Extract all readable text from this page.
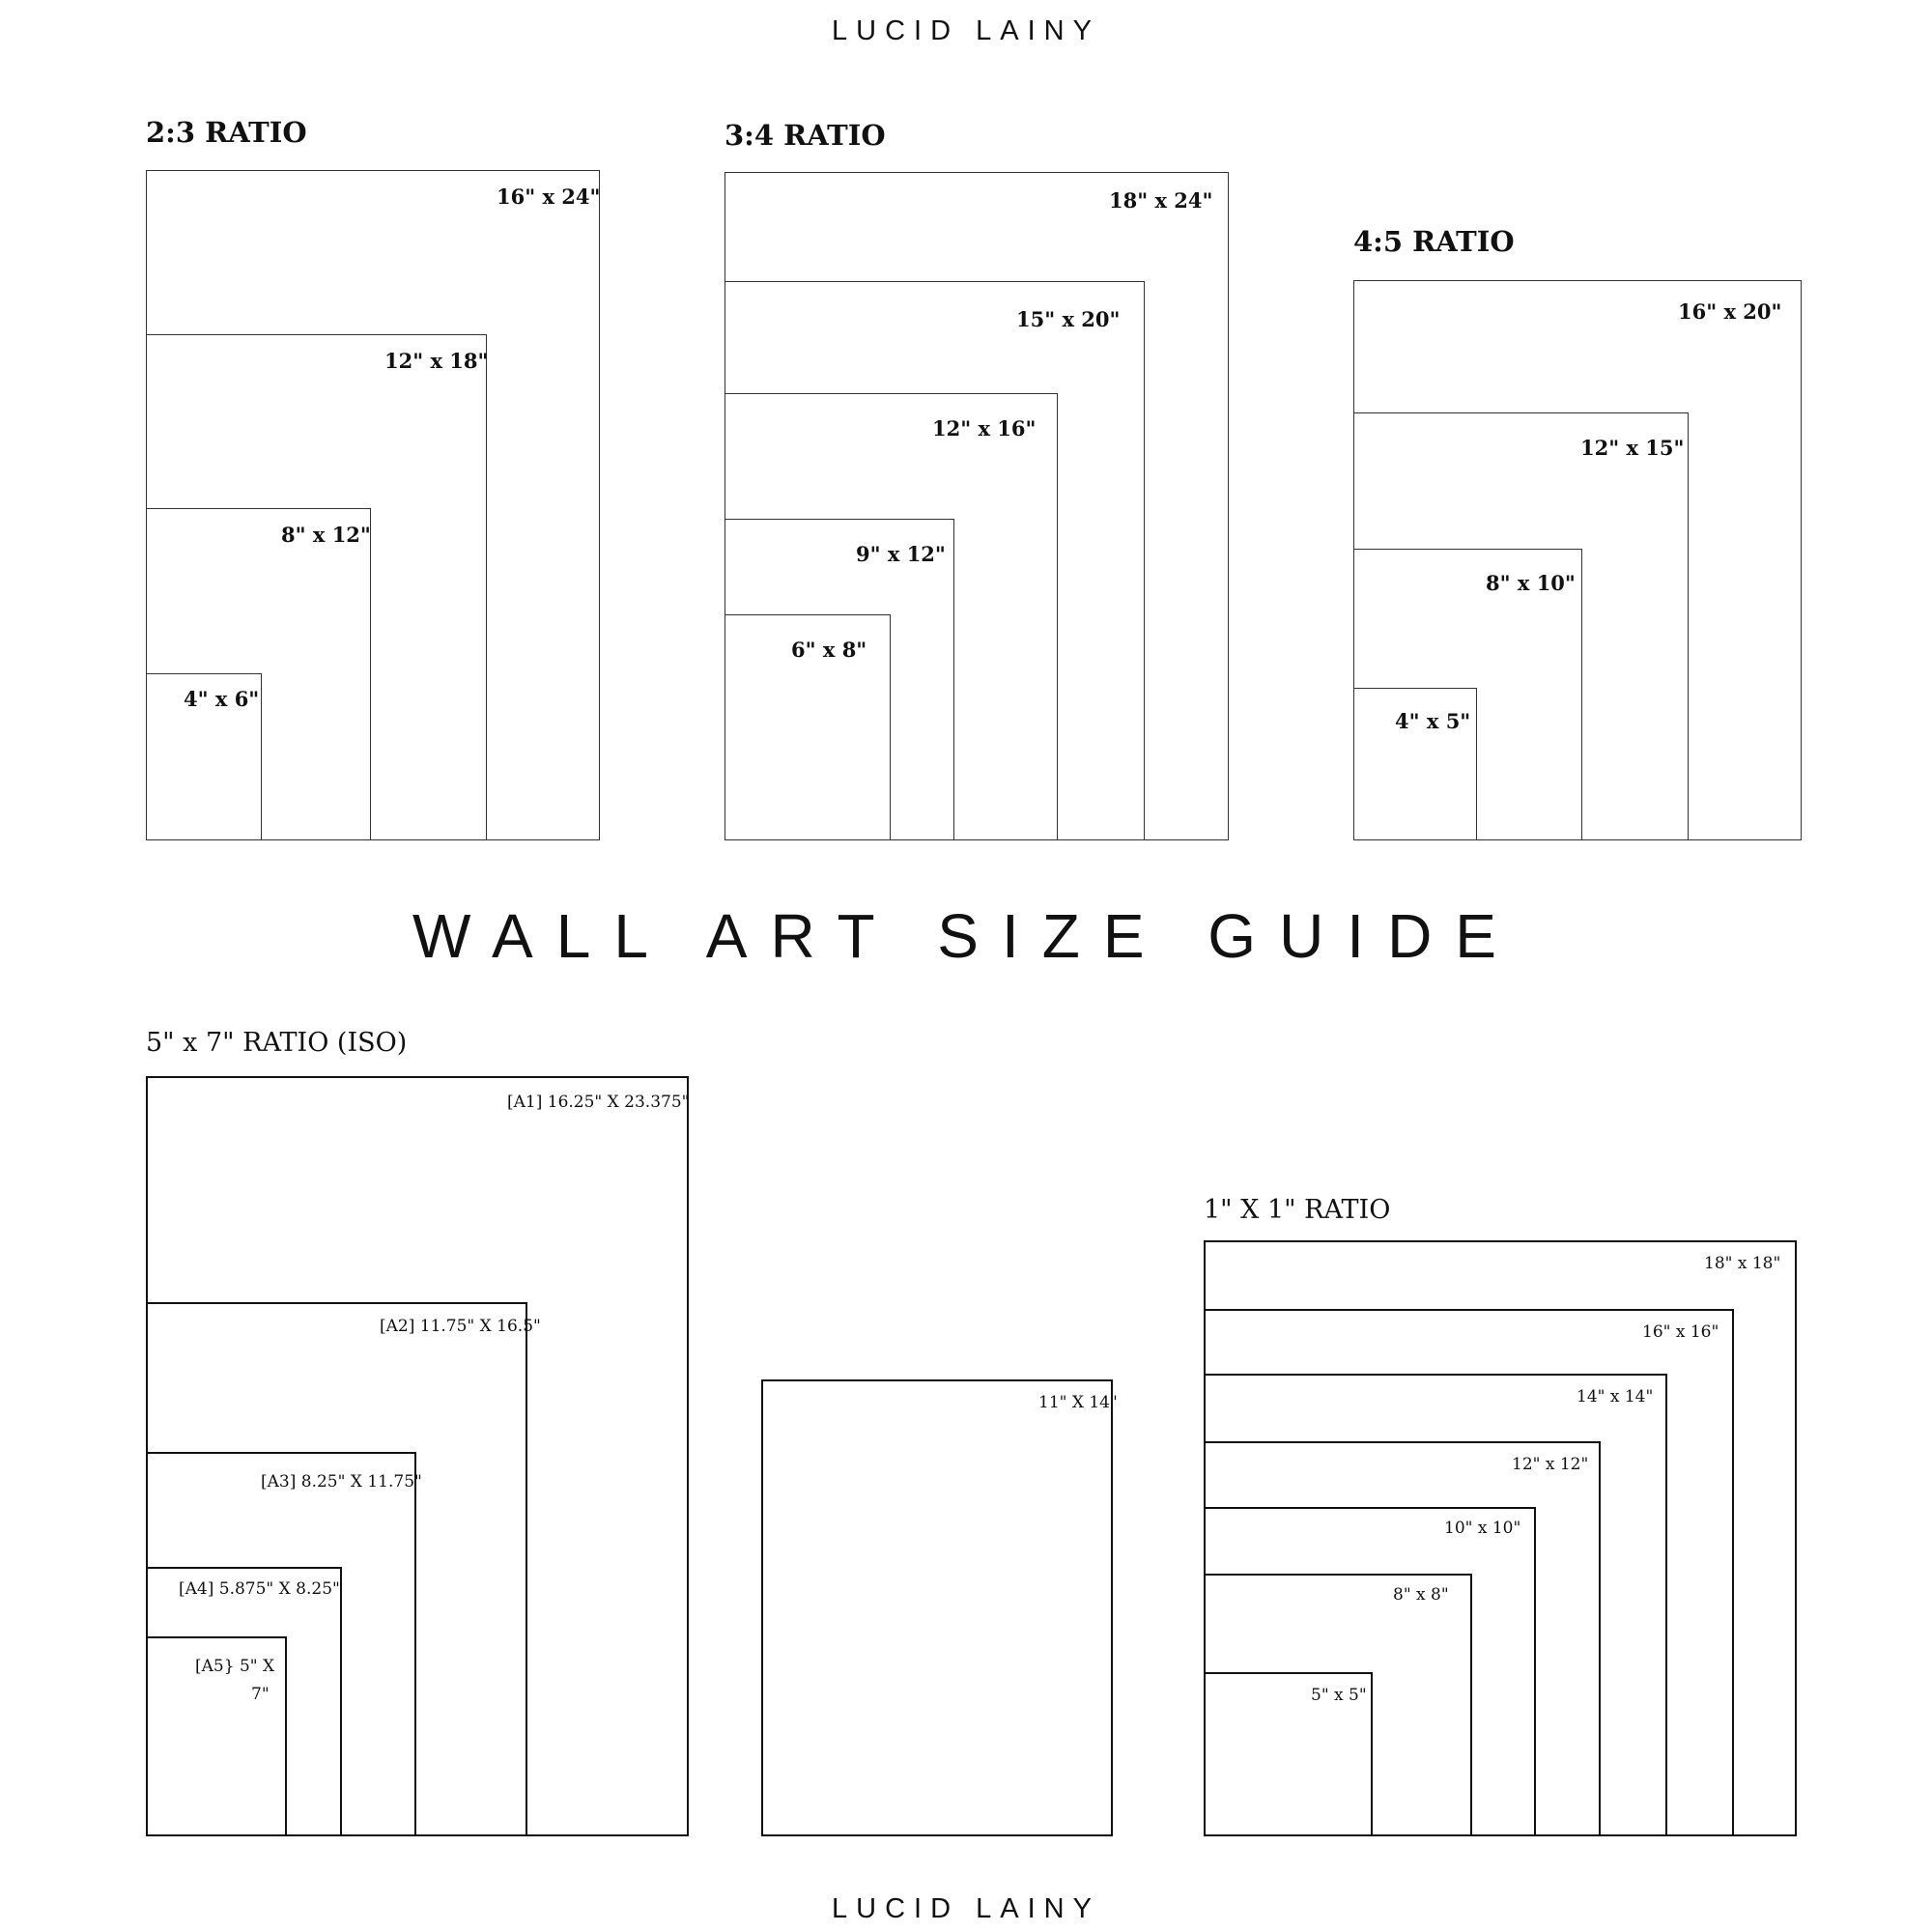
LUCID LAINY
2:3 RATIO
16" x 24"
12" x 18"
8" x 12"
4" x 6"
3:4 RATIO
18" x 24"
15" x 20"
12" x 16"
9" x 12"
6" x 8"
4:5 RATIO
16" x 20"
12" x 15"
8" x 10"
4" x 5"
WALL ART SIZE GUIDE
5" x 7" RATIO (ISO)
[A1] 16.25" X 23.375"
[A2] 11.75" X 16.5"
[A3] 8.25" X 11.75"
[A4] 5.875" X 8.25"
[A5} 5" X
7"
11" X 14"
1" X 1" RATIO
18" x 18"
16" x 16"
14" x 14"
12" x 12"
10" x 10"
8" x 8"
5" x 5"
LUCID LAINY
